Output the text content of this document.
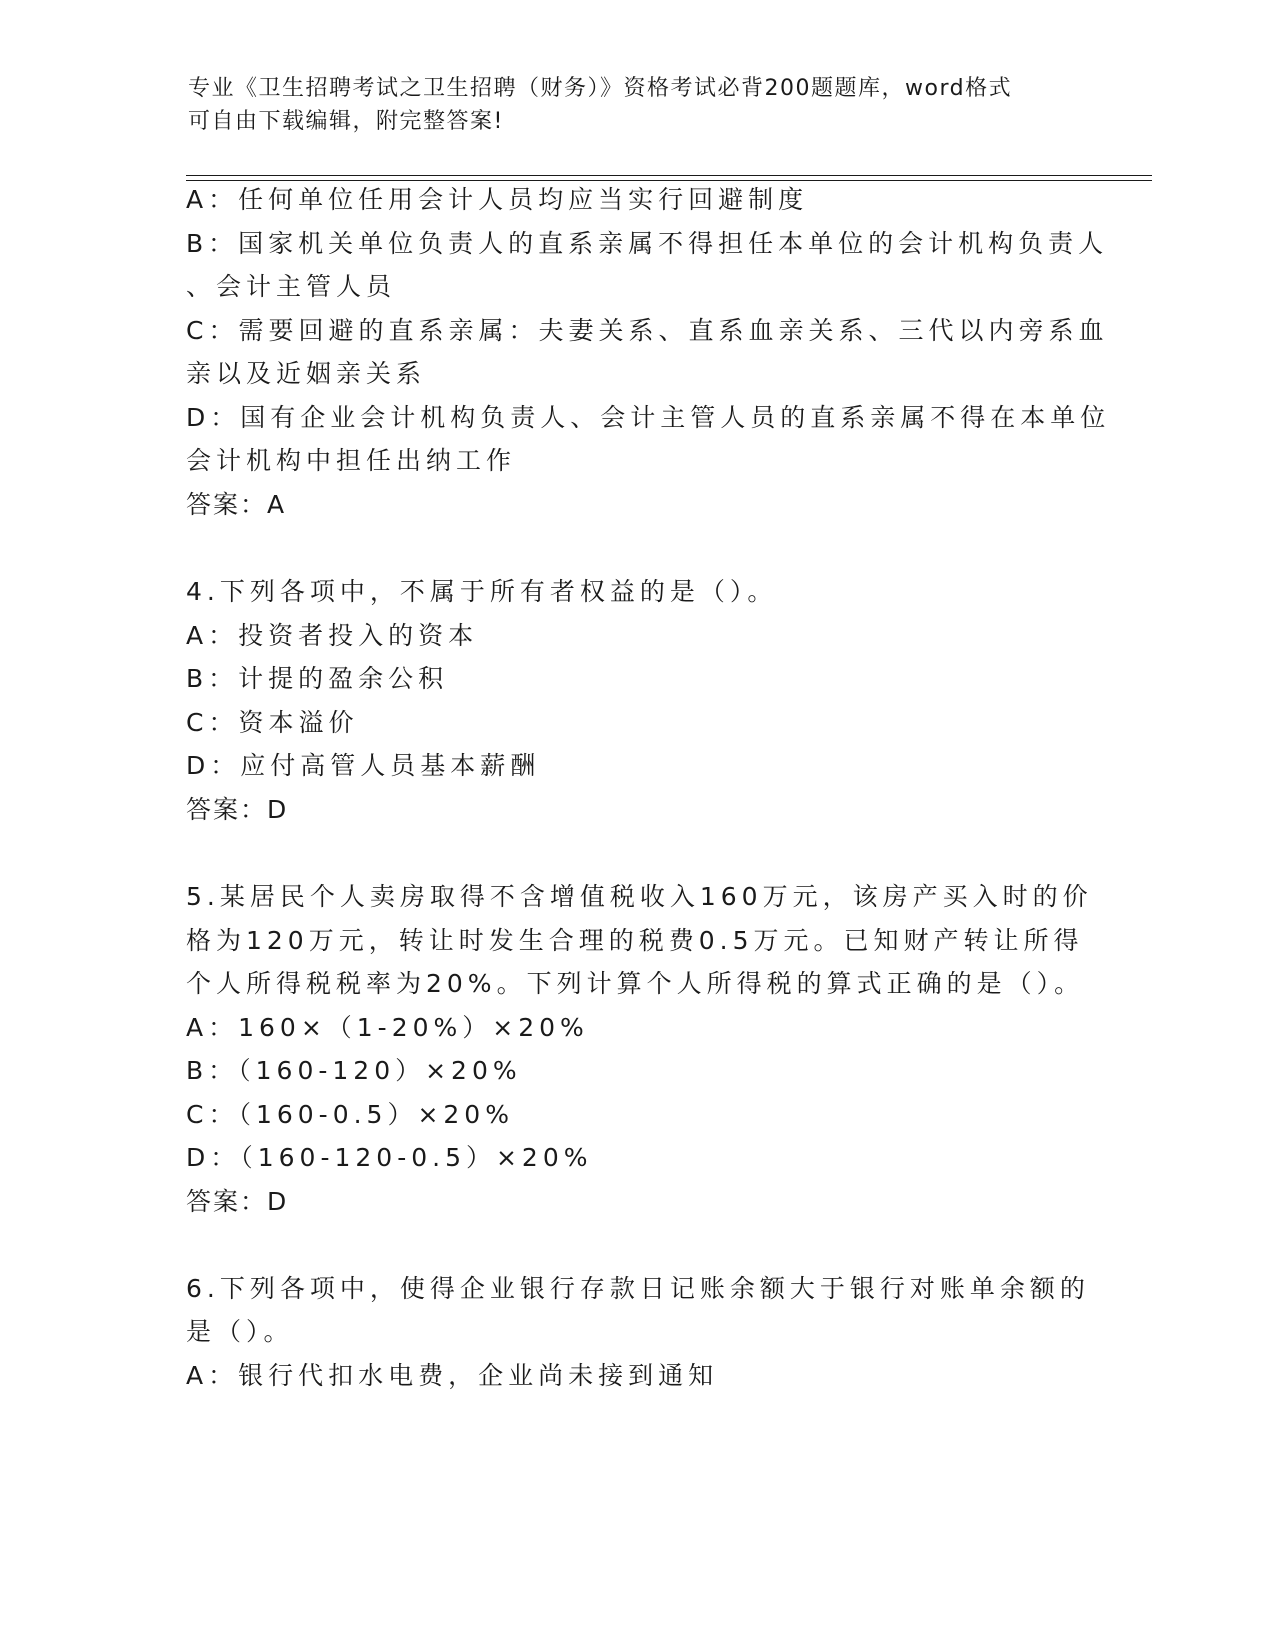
专业《卫生招聘考试之卫生招聘（财务）》资格考试必背200题题库，word格式
可自由下载编辑，附完整答案!
A：任何单位任用会计人员均应当实行回避制度
B：国家机关单位负责人的直系亲属不得担任本单位的会计机构负责人
、会计主管人员
C：需要回避的直系亲属：夫妻关系、直系血亲关系、三代以内旁系血
亲以及近姻亲关系
D：国有企业会计机构负责人、会计主管人员的直系亲属不得在本单位
会计机构中担任出纳工作
答案：A
4.下列各项中，不属于所有者权益的是（）。
A：投资者投入的资本
B：计提的盈余公积
C：资本溢价
D：应付高管人员基本薪酬
答案：D
5.某居民个人卖房取得不含增值税收入160万元，该房产买入时的价
格为120万元，转让时发生合理的税费0.5万元。已知财产转让所得
个人所得税税率为20%。下列计算个人所得税的算式正确的是（）。
A：160×（1-20%）×20%
B：（160-120）×20%
C：（160-0.5）×20%
D：（160-120-0.5）×20%
答案：D
6.下列各项中，使得企业银行存款日记账余额大于银行对账单余额的
是（）。
A：银行代扣水电费，企业尚未接到通知
